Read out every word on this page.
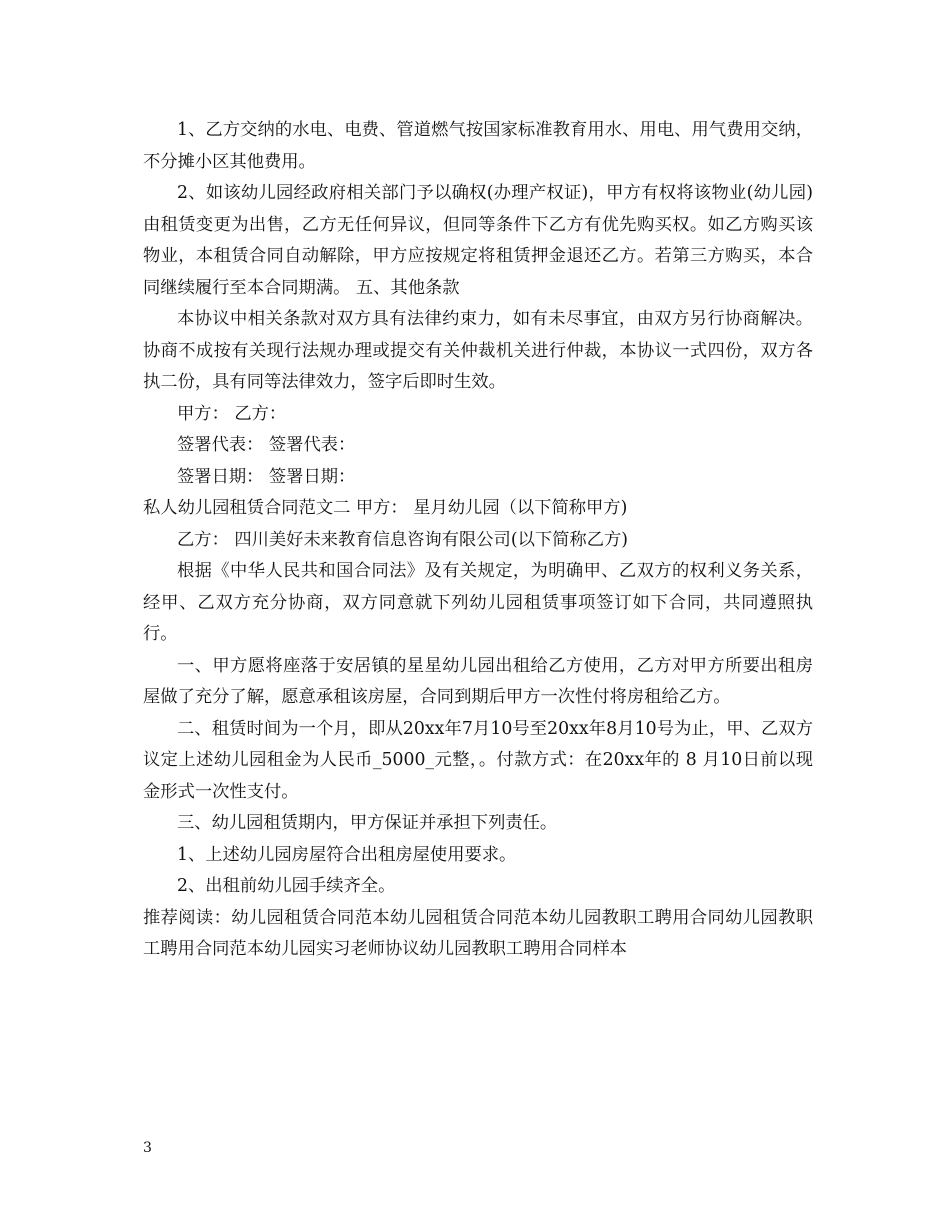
1、乙方交纳的水电、电费、管道燃气按国家标准教育用水、用电、用气费用交纳，不分摊小区其他费用。

2、如该幼儿园经政府相关部门予以确权(办理产权证)，甲方有权将该物业(幼儿园)由租赁变更为出售，乙方无任何异议，但同等条件下乙方有优先购买权。如乙方购买该物业，本租赁合同自动解除，甲方应按规定将租赁押金退还乙方。若第三方购买，本合同继续履行至本合同期满。 五、其他条款

本协议中相关条款对双方具有法律约束力，如有未尽事宜，由双方另行协商解决。协商不成按有关现行法规办理或提交有关仲裁机关进行仲裁，本协议一式四份，双方各执二份，具有同等法律效力，签字后即时生效。

甲方： 乙方：

签署代表： 签署代表：

签署日期： 签署日期：

私人幼儿园租赁合同范文二 甲方： 星月幼儿园（以下简称甲方)

乙方： 四川美好未来教育信息咨询有限公司(以下简称乙方)

根据《中华人民共和国合同法》及有关规定，为明确甲、乙双方的权利义务关系，经甲、乙双方充分协商，双方同意就下列幼儿园租赁事项签订如下合同，共同遵照执行。

一、甲方愿将座落于安居镇的星星幼儿园出租给乙方使用，乙方对甲方所要出租房屋做了充分了解，愿意承租该房屋，合同到期后甲方一次性付将房租给乙方。

二、租赁时间为一个月，即从20xx年7月10号至20xx年8月10号为止，甲、乙双方议定上述幼儿园租金为人民币_5000_元整，。付款方式：在20xx年的 8 月10日前以现金形式一次性支付。

三、幼儿园租赁期内，甲方保证并承担下列责任。

1、上述幼儿园房屋符合出租房屋使用要求。

2、出租前幼儿园手续齐全。

推荐阅读：幼儿园租赁合同范本幼儿园租赁合同范本幼儿园教职工聘用合同幼儿园教职工聘用合同范本幼儿园实习老师协议幼儿园教职工聘用合同样本

3
